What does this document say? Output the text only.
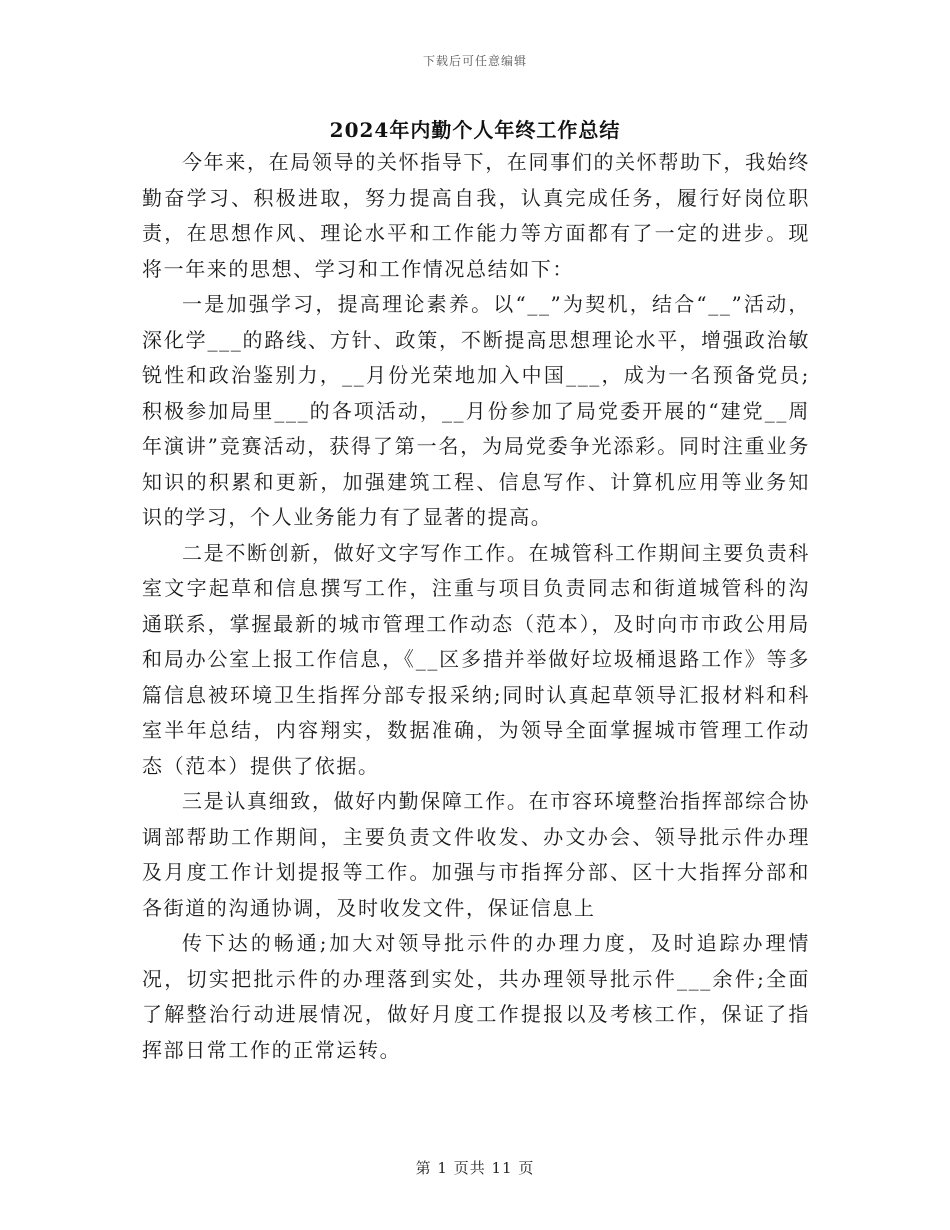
下载后可任意编辑
2024年内勤个人年终工作总结

今年来，在局领导的关怀指导下，在同事们的关怀帮助下，我始终勤奋学习、积极进取，努力提高自我，认真完成任务，履行好岗位职责，在思想作风、理论水平和工作能力等方面都有了一定的进步。现将一年来的思想、学习和工作情况总结如下：

一是加强学习，提高理论素养。以“__”为契机，结合“__”活动，深化学___的路线、方针、政策，不断提高思想理论水平，增强政治敏锐性和政治鉴别力，__月份光荣地加入中国___，成为一名预备党员;积极参加局里___的各项活动，__月份参加了局党委开展的“建党__周年演讲”竞赛活动，获得了第一名，为局党委争光添彩。同时注重业务知识的积累和更新，加强建筑工程、信息写作、计算机应用等业务知识的学习，个人业务能力有了显著的提高。

二是不断创新，做好文字写作工作。在城管科工作期间主要负责科室文字起草和信息撰写工作，注重与项目负责同志和街道城管科的沟通联系，掌握最新的城市管理工作动态（范本），及时向市市政公用局和局办公室上报工作信息，《__区多措并举做好垃圾桶退路工作》等多篇信息被环境卫生指挥分部专报采纳;同时认真起草领导汇报材料和科室半年总结，内容翔实，数据准确，为领导全面掌握城市管理工作动态（范本）提供了依据。

三是认真细致，做好内勤保障工作。在市容环境整治指挥部综合协调部帮助工作期间，主要负责文件收发、办文办会、领导批示件办理及月度工作计划提报等工作。加强与市指挥分部、区十大指挥分部和各街道的沟通协调，及时收发文件，保证信息上

传下达的畅通;加大对领导批示件的办理力度，及时追踪办理情况，切实把批示件的办理落到实处，共办理领导批示件___余件;全面了解整治行动进展情况，做好月度工作提报以及考核工作，保证了指挥部日常工作的正常运转。

第 1 页共 11 页
